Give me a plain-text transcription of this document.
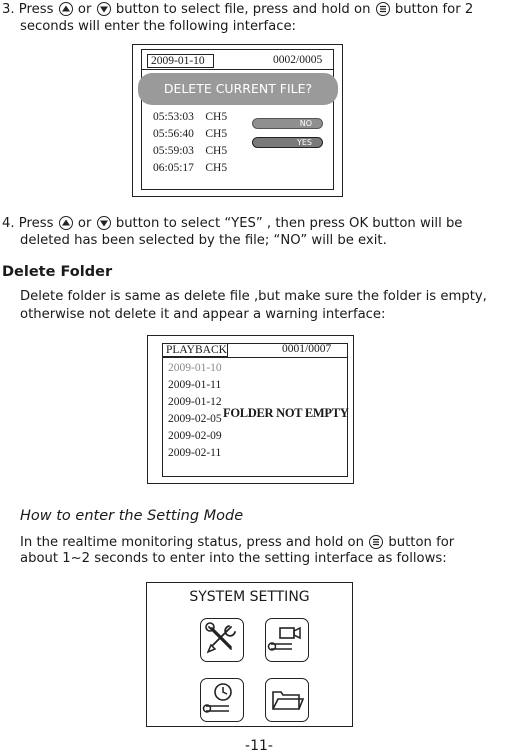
3. Press or button to select file, press and hold on button for 2
seconds will enter the following interface:
2009-01-10	0002/0005
DELETE CURRENT FILE?
05:53:03 CH5
05:56:40 CH5
05:59:03 CH5
06:05:17 CH5
NO
YES
4. Press or button to select “YES” , then press OK button will be
deleted has been selected by the file; “NO” will be exit.
Delete Folder
Delete folder is same as delete file ,but make sure the folder is empty,
otherwise not delete it and appear a warning interface:
PLAYBACK	0001/0007
2009-01-10
2009-01-11
2009-01-12
2009-02-05
2009-02-09
2009-02-11
FOLDER NOT EMPTY
How to enter the Setting Mode
In the realtime monitoring status, press and hold on button for
about 1~2 seconds to enter into the setting interface as follows:
SYSTEM SETTING
-11-
